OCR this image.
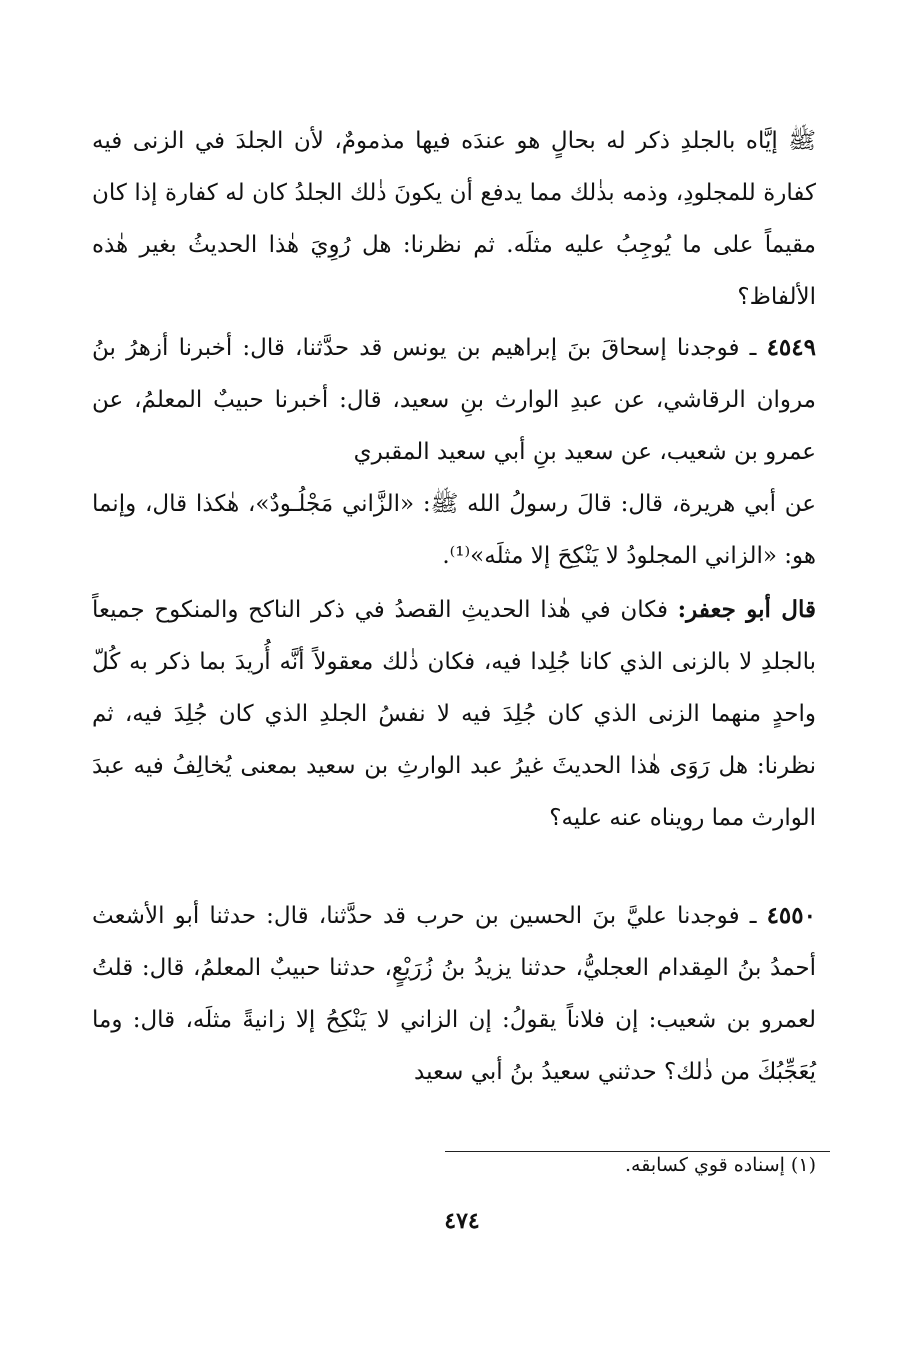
ﷺ إيَّاه بالجلدِ ذكر له بحالٍ هو عندَه فيها مذمومٌ، لأن الجلدَ في الزنى فيه كفارة للمجلودِ، وذمه بذٰلك مما يدفع أن يكونَ ذٰلك الجلدُ كان له كفارة إذا كان مقيماً على ما يُوجِبُ عليه مثلَه. ثم نظرنا: هل رُوِيَ هٰذا الحديثُ بغير هٰذه الألفاظ؟

٤٥٤٩ ـ فوجدنا إسحاقَ بنَ إبراهيم بن يونس قد حدَّثنا، قال: أخبرنا أزهرُ بنُ مروان الرقاشي، عن عبدِ الوارث بنِ سعيد، قال: أخبرنا حبيبٌ المعلمُ، عن عمرو بن شعيب، عن سعيد بنِ أبي سعيد المقبري

عن أبي هريرة، قال: قالَ رسولُ الله ﷺ: «الزَّاني مَجْلُـودٌ»، هٰكذا قال، وإنما هو: «الزاني المجلودُ لا يَنْكِحَ إلا مثلَه»⁽¹⁾.

قال أبو جعفر: فكان في هٰذا الحديثِ القصدُ في ذكر الناكح والمنكوح جميعاً بالجلدِ لا بالزنى الذي كانا جُلِدا فيه، فكان ذٰلك معقولاً أنَّه أُريدَ بما ذكر به كُلّ واحدٍ منهما الزنى الذي كان جُلِدَ فيه لا نفسُ الجلدِ الذي كان جُلِدَ فيه، ثم نظرنا: هل رَوَى هٰذا الحديثَ غيرُ عبد الوارثِ بن سعيد بمعنى يُخالِفُ فيه عبدَ الوارث مما رويناه عنه عليه؟

٤٥٥٠ ـ فوجدنا عليَّ بنَ الحسين بن حرب قد حدَّثنا، قال: حدثنا أبو الأشعث أحمدُ بنُ المِقدام العجليُّ، حدثنا يزيدُ بنُ زُرَيْعٍ، حدثنا حبيبٌ المعلمُ، قال: قلتُ لعمرو بن شعيب: إن فلاناً يقولُ: إن الزاني لا يَنْكِحُ إلا زانيةً مثلَه، قال: وما يُعَجِّبُكَ من ذٰلك؟ حدثني سعيدُ بنُ أبي سعيد

(١) إسناده قوي كسابقه.
٤٧٤
